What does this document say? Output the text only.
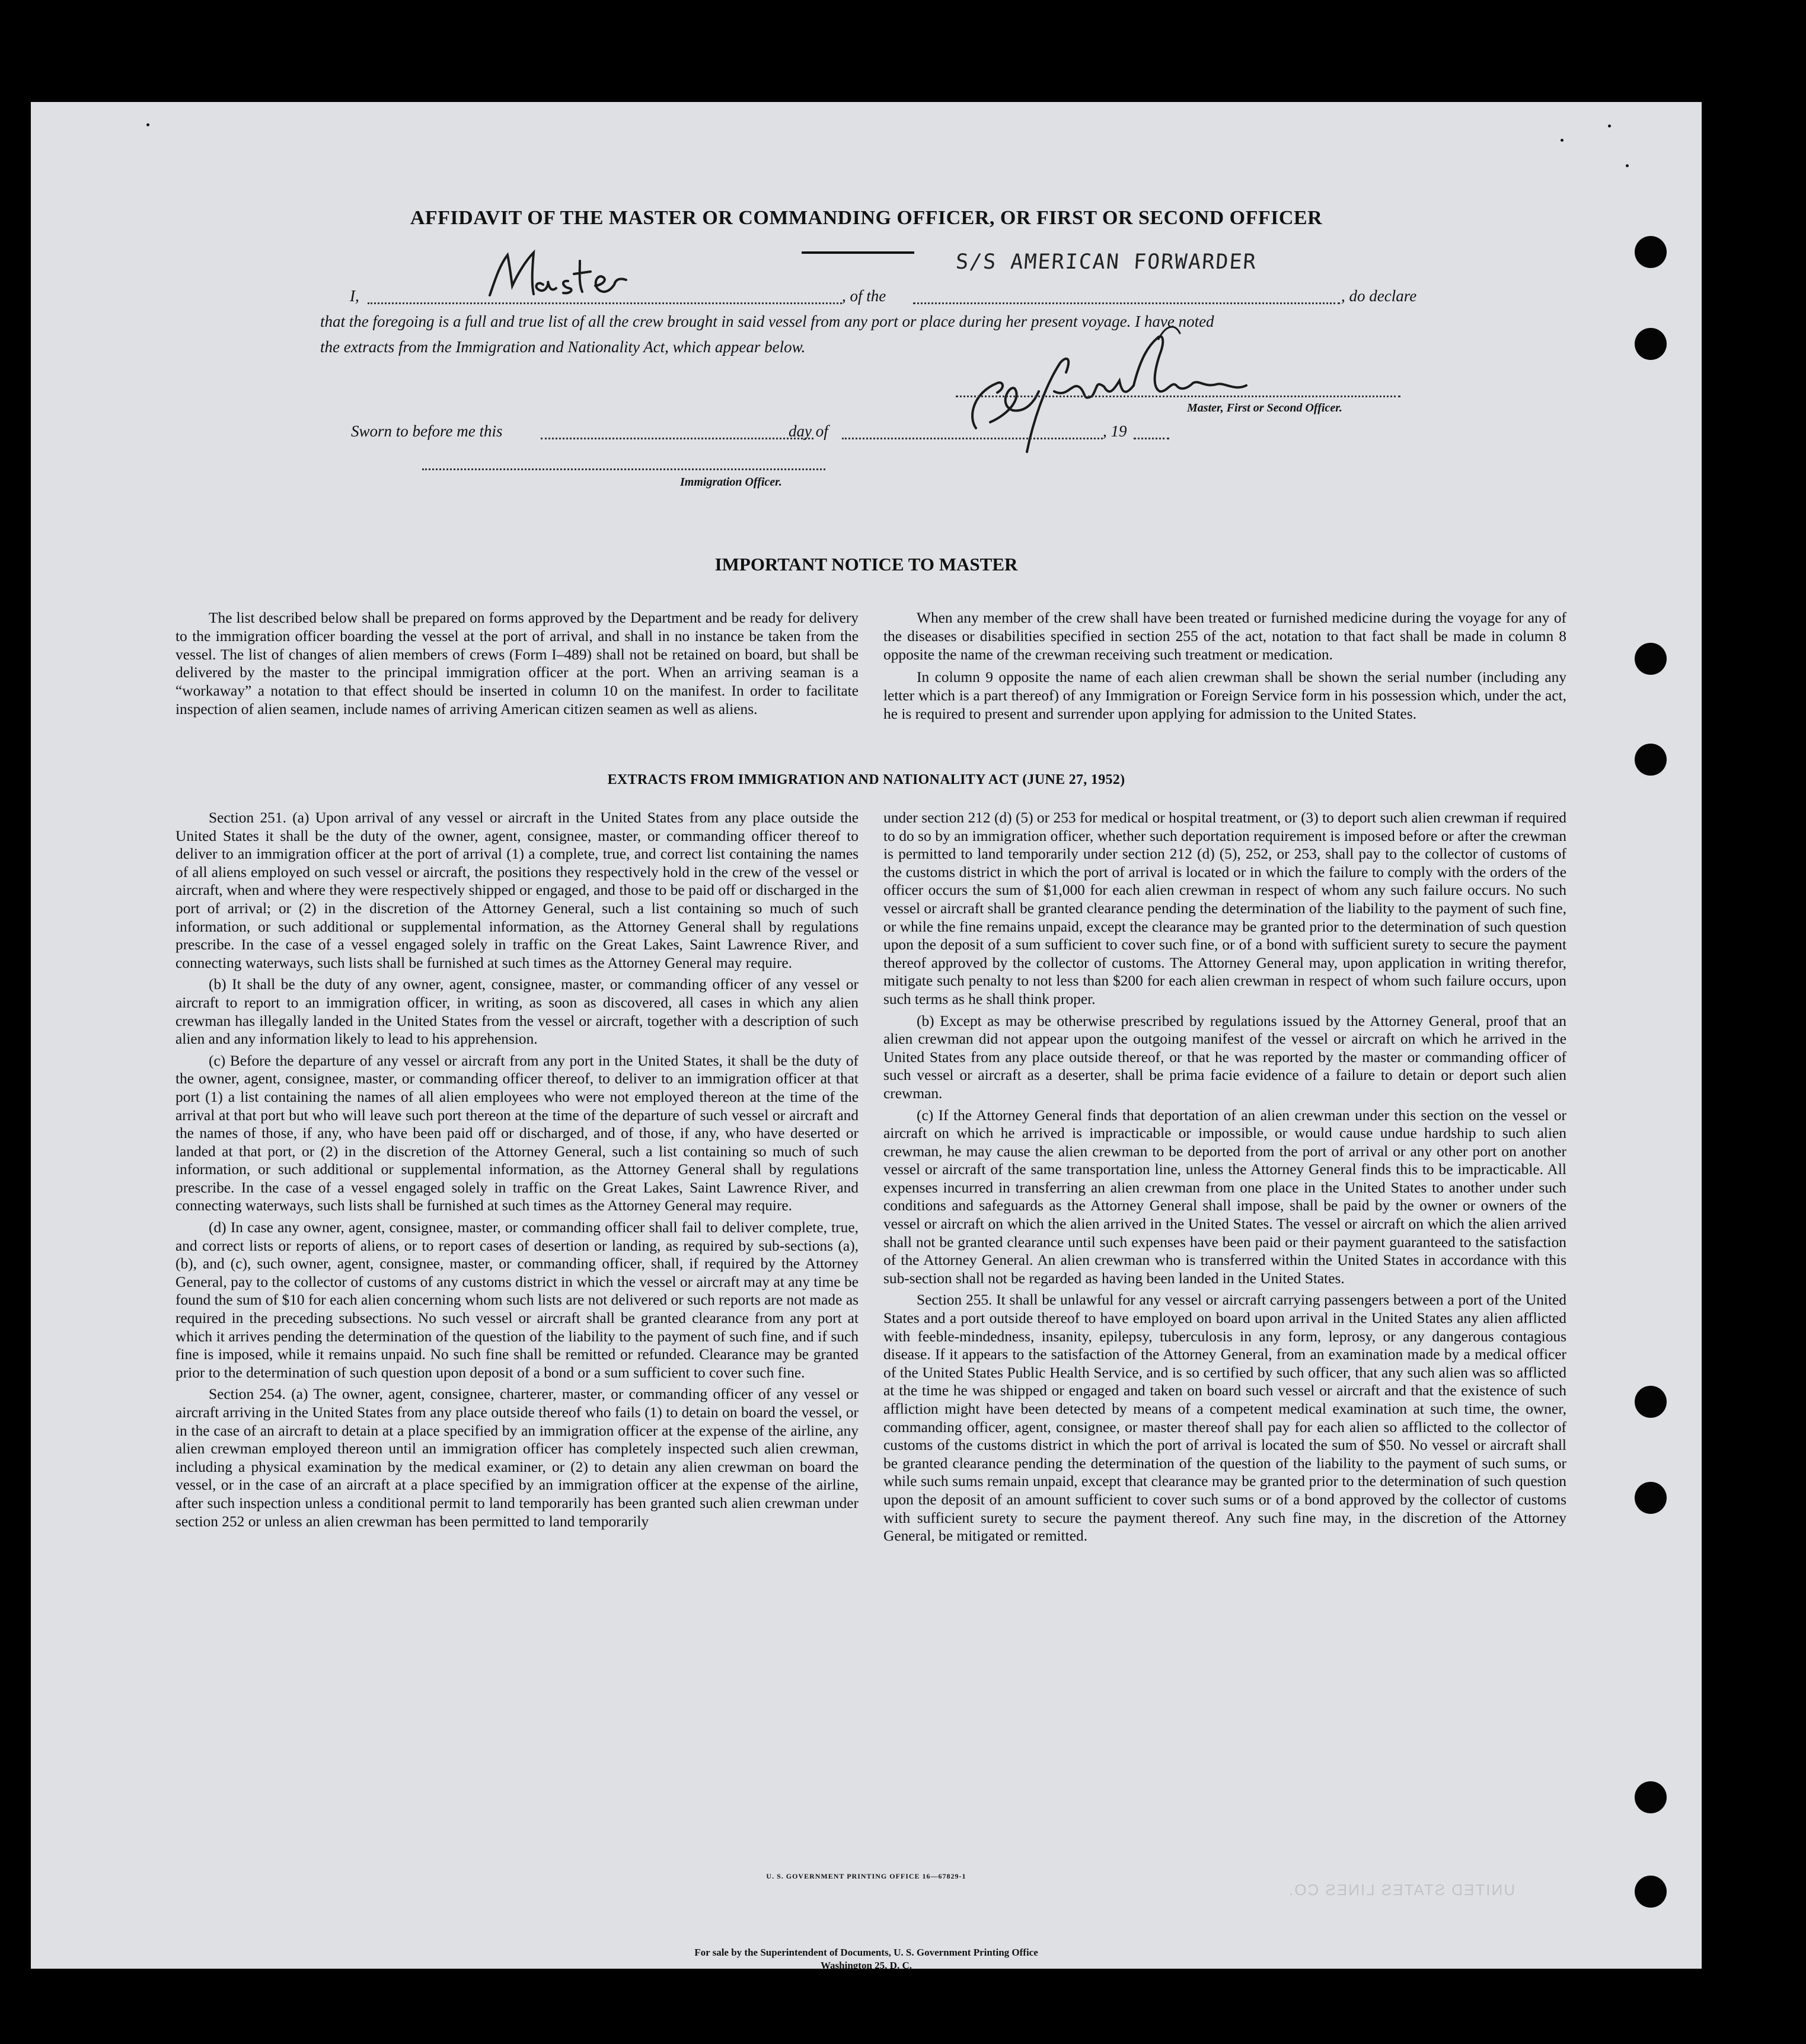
AFFIDAVIT OF THE MASTER OR COMMANDING OFFICER, OR FIRST OR SECOND OFFICER
I,	, of the
S/S AMERICAN FORWARDER
, do declare
that the foregoing is a full and true list of all the crew brought in said vessel from any port or place during her present voyage. I have noted
the extracts from the Immigration and Nationality Act, which appear below.
Master, First or Second Officer.
Sworn to before me this	day of	, 19
Immigration Officer.
IMPORTANT NOTICE TO MASTER

The list described below shall be prepared on forms approved by the Department and be ready for delivery to the immigration officer boarding the vessel at the port of arrival, and shall in no instance be taken from the vessel. The list of changes of alien members of crews (Form I–489) shall not be retained on board, but shall be delivered by the master to the principal immigration officer at the port. When an arriving seaman is a “workaway” a notation to that effect should be inserted in column 10 on the manifest. In order to facilitate inspection of alien seamen, include names of arriving American citizen seamen as well as aliens.

When any member of the crew shall have been treated or furnished medicine during the voyage for any of the diseases or disabilities specified in section 255 of the act, notation to that fact shall be made in column 8 opposite the name of the crewman receiving such treatment or medication.

In column 9 opposite the name of each alien crewman shall be shown the serial number (including any letter which is a part thereof) of any Immigration or Foreign Service form in his possession which, under the act, he is required to present and surrender upon applying for admission to the United States.

EXTRACTS FROM IMMIGRATION AND NATIONALITY ACT (JUNE 27, 1952)

Section 251. (a) Upon arrival of any vessel or aircraft in the United States from any place outside the United States it shall be the duty of the owner, agent, consignee, master, or commanding officer thereof to deliver to an immigration officer at the port of arrival (1) a complete, true, and correct list containing the names of all aliens employed on such vessel or aircraft, the positions they respectively hold in the crew of the vessel or aircraft, when and where they were respectively shipped or engaged, and those to be paid off or discharged in the port of arrival; or (2) in the discretion of the Attorney General, such a list containing so much of such information, or such additional or supplemental information, as the Attorney General shall by regulations prescribe. In the case of a vessel engaged solely in traffic on the Great Lakes, Saint Lawrence River, and connecting waterways, such lists shall be furnished at such times as the Attorney General may require.

(b) It shall be the duty of any owner, agent, consignee, master, or commanding officer of any vessel or aircraft to report to an immigration officer, in writing, as soon as discovered, all cases in which any alien crewman has illegally landed in the United States from the vessel or aircraft, together with a description of such alien and any information likely to lead to his apprehension.

(c) Before the departure of any vessel or aircraft from any port in the United States, it shall be the duty of the owner, agent, consignee, master, or commanding officer thereof, to deliver to an immigration officer at that port (1) a list containing the names of all alien employees who were not employed thereon at the time of the arrival at that port but who will leave such port thereon at the time of the departure of such vessel or aircraft and the names of those, if any, who have been paid off or discharged, and of those, if any, who have deserted or landed at that port, or (2) in the discretion of the Attorney General, such a list containing so much of such information, or such additional or supplemental information, as the Attorney General shall by regulations prescribe. In the case of a vessel engaged solely in traffic on the Great Lakes, Saint Lawrence River, and connecting waterways, such lists shall be furnished at such times as the Attorney General may require.

(d) In case any owner, agent, consignee, master, or commanding officer shall fail to deliver complete, true, and correct lists or reports of aliens, or to report cases of desertion or landing, as required by sub-sections (a), (b), and (c), such owner, agent, consignee, master, or commanding officer, shall, if required by the Attorney General, pay to the collector of customs of any customs district in which the vessel or aircraft may at any time be found the sum of $10 for each alien concerning whom such lists are not delivered or such reports are not made as required in the preceding subsections. No such vessel or aircraft shall be granted clearance from any port at which it arrives pending the determination of the question of the liability to the payment of such fine, and if such fine is imposed, while it remains unpaid. No such fine shall be remitted or refunded. Clearance may be granted prior to the determination of such question upon deposit of a bond or a sum sufficient to cover such fine.

Section 254. (a) The owner, agent, consignee, charterer, master, or commanding officer of any vessel or aircraft arriving in the United States from any place outside thereof who fails (1) to detain on board the vessel, or in the case of an aircraft to detain at a place specified by an immigration officer at the expense of the airline, any alien crewman employed thereon until an immigration officer has completely inspected such alien crewman, including a physical examination by the medical examiner, or (2) to detain any alien crewman on board the vessel, or in the case of an aircraft at a place specified by an immigration officer at the expense of the airline, after such inspection unless a conditional permit to land temporarily has been granted such alien crewman under section 252 or unless an alien crewman has been permitted to land temporarily

under section 212 (d) (5) or 253 for medical or hospital treatment, or (3) to deport such alien crewman if required to do so by an immigration officer, whether such deportation requirement is imposed before or after the crewman is permitted to land temporarily under section 212 (d) (5), 252, or 253, shall pay to the collector of customs of the customs district in which the port of arrival is located or in which the failure to comply with the orders of the officer occurs the sum of $1,000 for each alien crewman in respect of whom any such failure occurs. No such vessel or aircraft shall be granted clearance pending the determination of the liability to the payment of such fine, or while the fine remains unpaid, except the clearance may be granted prior to the determination of such question upon the deposit of a sum sufficient to cover such fine, or of a bond with sufficient surety to secure the payment thereof approved by the collector of customs. The Attorney General may, upon application in writing therefor, mitigate such penalty to not less than $200 for each alien crewman in respect of whom such failure occurs, upon such terms as he shall think proper.

(b) Except as may be otherwise prescribed by regulations issued by the Attorney General, proof that an alien crewman did not appear upon the outgoing manifest of the vessel or aircraft on which he arrived in the United States from any place outside thereof, or that he was reported by the master or commanding officer of such vessel or aircraft as a deserter, shall be prima facie evidence of a failure to detain or deport such alien crewman.

(c) If the Attorney General finds that deportation of an alien crewman under this section on the vessel or aircraft on which he arrived is impracticable or impossible, or would cause undue hardship to such alien crewman, he may cause the alien crewman to be deported from the port of arrival or any other port on another vessel or aircraft of the same transportation line, unless the Attorney General finds this to be impracticable. All expenses incurred in transferring an alien crewman from one place in the United States to another under such conditions and safeguards as the Attorney General shall impose, shall be paid by the owner or owners of the vessel or aircraft on which the alien arrived in the United States. The vessel or aircraft on which the alien arrived shall not be granted clearance until such expenses have been paid or their payment guaranteed to the satisfaction of the Attorney General. An alien crewman who is transferred within the United States in accordance with this sub-section shall not be regarded as having been landed in the United States.

Section 255. It shall be unlawful for any vessel or aircraft carrying passengers between a port of the United States and a port outside thereof to have employed on board upon arrival in the United States any alien afflicted with feeble-mindedness, insanity, epilepsy, tuberculosis in any form, leprosy, or any dangerous contagious disease. If it appears to the satisfaction of the Attorney General, from an examination made by a medical officer of the United States Public Health Service, and is so certified by such officer, that any such alien was so afflicted at the time he was shipped or engaged and taken on board such vessel or aircraft and that the existence of such affliction might have been detected by means of a competent medical examination at such time, the owner, commanding officer, agent, consignee, or master thereof shall pay for each alien so afflicted to the collector of customs of the customs district in which the port of arrival is located the sum of $50. No vessel or aircraft shall be granted clearance pending the determination of the question of the liability to the payment of such sums, or while such sums remain unpaid, except that clearance may be granted prior to the determination of such question upon the deposit of an amount sufficient to cover such sums or of a bond approved by the collector of customs with sufficient surety to secure the payment thereof. Any such fine may, in the discretion of the Attorney General, be mitigated or remitted.

U. S. GOVERNMENT PRINTING OFFICE 16—67829-1
For sale by the Superintendent of Documents, U. S. Government Printing Office
Washington 25, D. C.
UNITED STATES LINES CO.
